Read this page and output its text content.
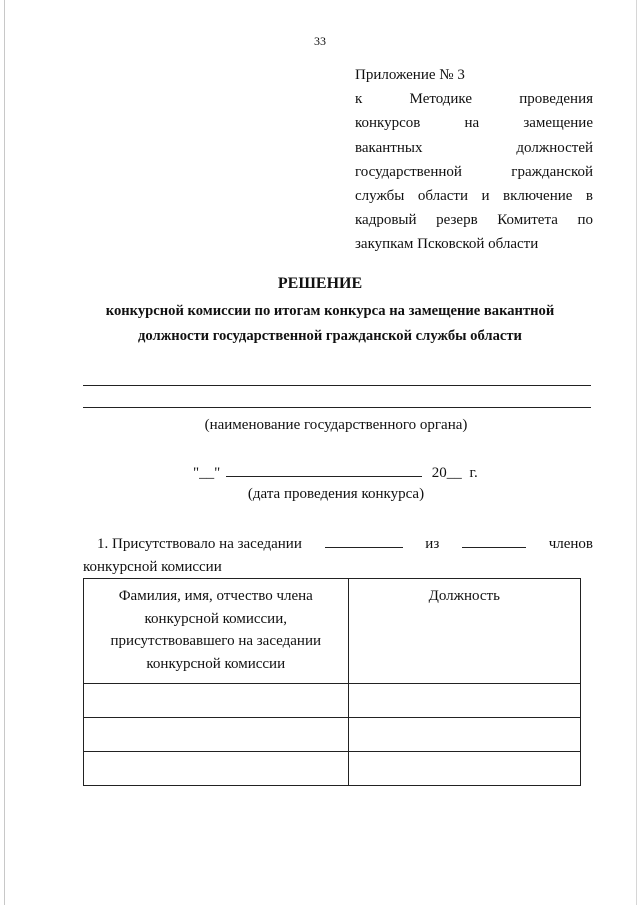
33
Приложение № 3
к Методике проведения
конкурсов на замещение
вакантных должностей
государственной гражданской
службы области и включение в
кадровый резерв Комитета по
закупкам Псковской области
РЕШЕНИЕ
конкурсной комиссии по итогам конкурса на замещение вакантной
должности государственной гражданской службы области
(наименование государственного органа)
"__"	20__ г.
(дата проведения конкурса)
1. Присутствовало на заседании	из	членов
конкурсной комиссии
Фамилия, имя, отчество члена конкурсной комиссии, присутствовавшего на заседании конкурсной комиссии	Должность
